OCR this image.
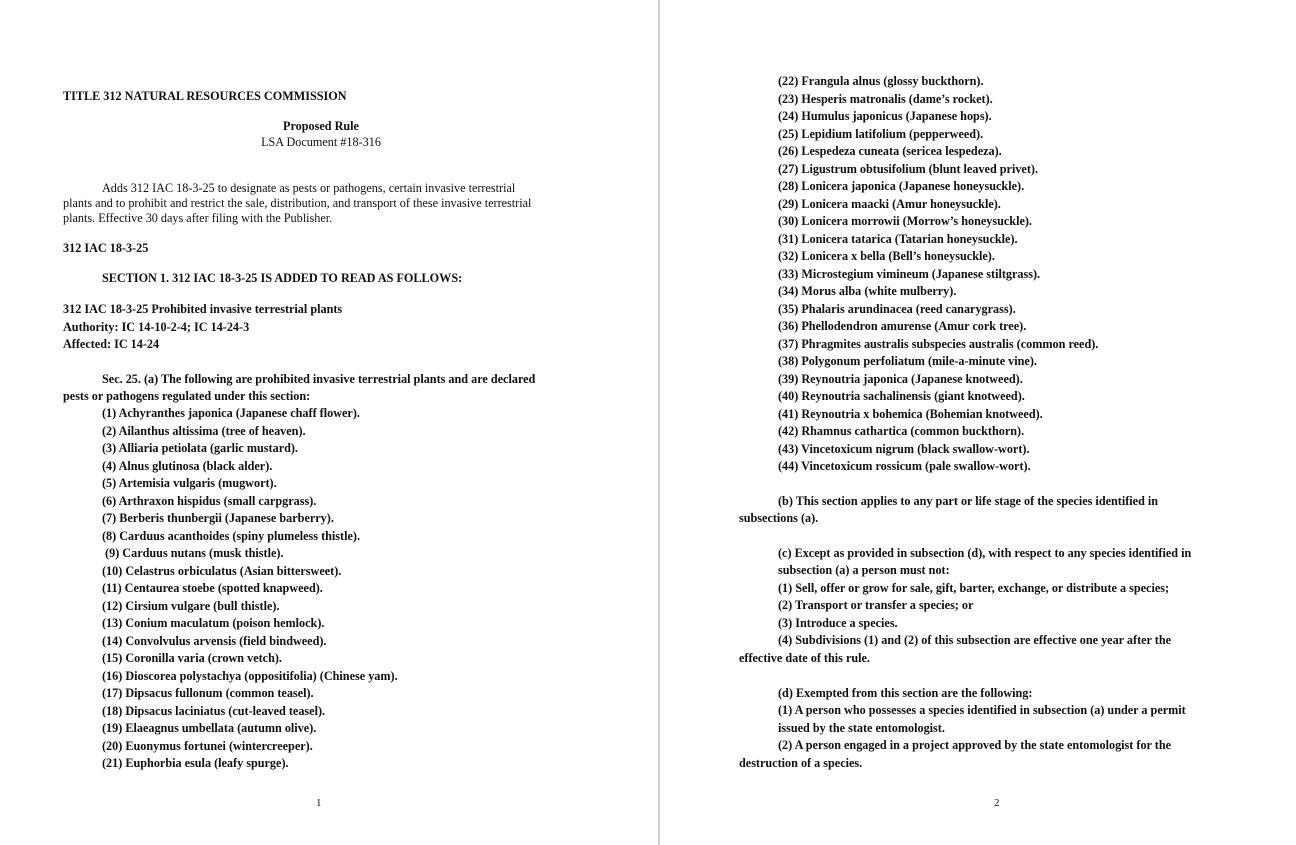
TITLE 312 NATURAL RESOURCES COMMISSION
Proposed Rule
LSA Document #18-316
Adds 312 IAC 18-3-25 to designate as pests or pathogens, certain invasive terrestrial
plants and to prohibit and restrict the sale, distribution, and transport of these invasive terrestrial
plants. Effective 30 days after filing with the Publisher.
312 IAC 18-3-25
SECTION 1. 312 IAC 18-3-25 IS ADDED TO READ AS FOLLOWS:
312 IAC 18-3-25 Prohibited invasive terrestrial plants
Authority: IC 14-10-2-4; IC 14-24-3
Affected: IC 14-24
Sec. 25. (a) The following are prohibited invasive terrestrial plants and are declared
pests or pathogens regulated under this section:
(1) Achyranthes japonica (Japanese chaff flower).
(2) Ailanthus altissima (tree of heaven).
(3) Alliaria petiolata (garlic mustard).
(4) Alnus glutinosa (black alder).
(5) Artemisia vulgaris (mugwort).
(6) Arthraxon hispidus (small carpgrass).
(7) Berberis thunbergii (Japanese barberry).
(8) Carduus acanthoides (spiny plumeless thistle).
(9) Carduus nutans (musk thistle).
(10) Celastrus orbiculatus (Asian bittersweet).
(11) Centaurea stoebe (spotted knapweed).
(12) Cirsium vulgare (bull thistle).
(13) Conium maculatum (poison hemlock).
(14) Convolvulus arvensis (field bindweed).
(15) Coronilla varia (crown vetch).
(16) Dioscorea polystachya (oppositifolia) (Chinese yam).
(17) Dipsacus fullonum (common teasel).
(18) Dipsacus laciniatus (cut-leaved teasel).
(19) Elaeagnus umbellata (autumn olive).
(20) Euonymus fortunei (wintercreeper).
(21) Euphorbia esula (leafy spurge).
1
(22) Frangula alnus (glossy buckthorn).
(23) Hesperis matronalis (dame’s rocket).
(24) Humulus japonicus (Japanese hops).
(25) Lepidium latifolium (pepperweed).
(26) Lespedeza cuneata (sericea lespedeza).
(27) Ligustrum obtusifolium (blunt leaved privet).
(28) Lonicera japonica (Japanese honeysuckle).
(29) Lonicera maacki (Amur honeysuckle).
(30) Lonicera morrowii (Morrow’s honeysuckle).
(31) Lonicera tatarica (Tatarian honeysuckle).
(32) Lonicera x bella (Bell’s honeysuckle).
(33) Microstegium vimineum (Japanese stiltgrass).
(34) Morus alba (white mulberry).
(35) Phalaris arundinacea (reed canarygrass).
(36) Phellodendron amurense (Amur cork tree).
(37) Phragmites australis subspecies australis (common reed).
(38) Polygonum perfoliatum (mile-a-minute vine).
(39) Reynoutria japonica (Japanese knotweed).
(40) Reynoutria sachalinensis (giant knotweed).
(41) Reynoutria x bohemica (Bohemian knotweed).
(42) Rhamnus cathartica (common buckthorn).
(43) Vincetoxicum nigrum (black swallow-wort).
(44) Vincetoxicum rossicum (pale swallow-wort).
(b) This section applies to any part or life stage of the species identified in
subsections (a).
(c) Except as provided in subsection (d), with respect to any species identified in
subsection (a) a person must not:
(1) Sell, offer or grow for sale, gift, barter, exchange, or distribute a species;
(2) Transport or transfer a species; or
(3) Introduce a species.
(4) Subdivisions (1) and (2) of this subsection are effective one year after the
effective date of this rule.
(d) Exempted from this section are the following:
(1) A person who possesses a species identified in subsection (a) under a permit
issued by the state entomologist.
(2) A person engaged in a project approved by the state entomologist for the
destruction of a species.
2
